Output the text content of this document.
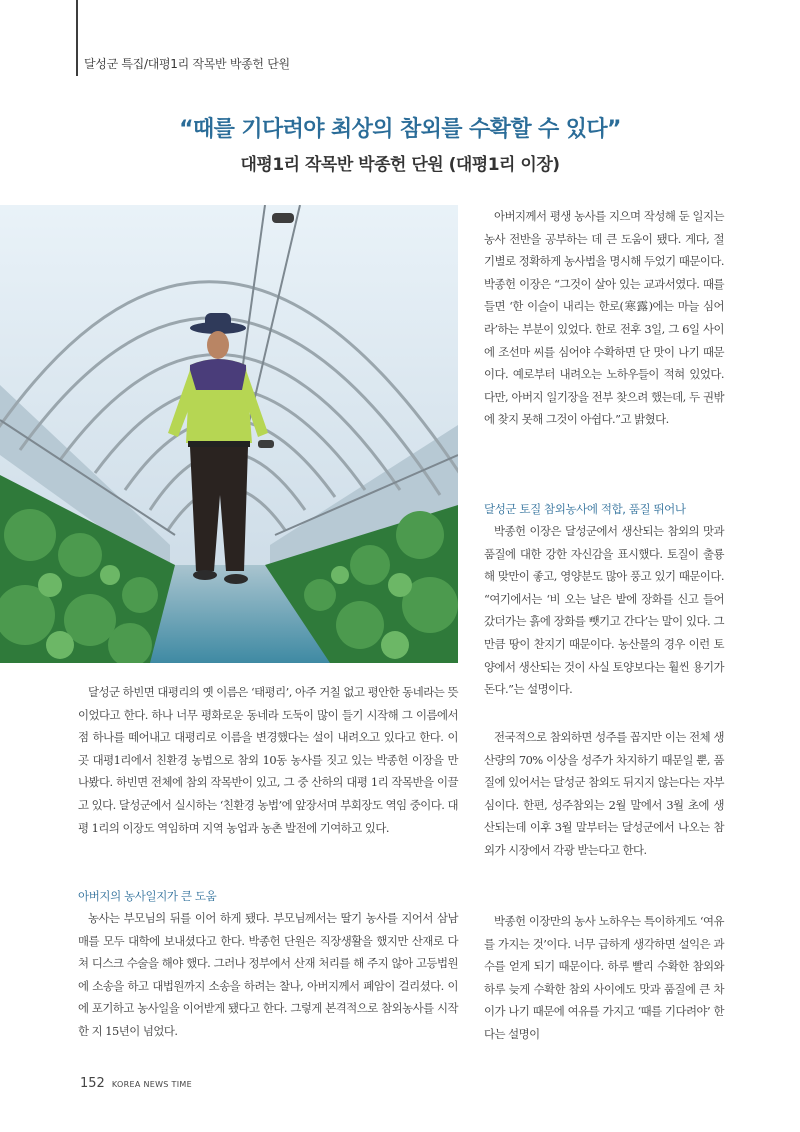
달성군 특집/대평1리 작목반 박종헌 단원
“때를 기다려야 최상의 참외를 수확할 수 있다”
대평1리 작목반 박종헌 단원 (대평1리 이장)

달성군 하빈면 대평리의 옛 이름은 ‘태평리’, 아주 거칠 없고 평안한 동네라는 뜻이었다고 한다. 하나 너무 평화로운 동네라 도둑이 많이 들기 시작해 그 이름에서 점 하나를 떼어내고 대평리로 이름을 변경했다는 설이 내려오고 있다고 한다. 이 곳 대평1리에서 친환경 농법으로 참외 10동 농사를 짓고 있는 박종헌 이장을 만나봤다. 하빈면 전체에 참외 작목반이 있고, 그 중 산하의 대평 1리 작목반을 이끌고 있다. 달성군에서 실시하는 ‘친환경 농법’에 앞장서며 부회장도 역임 중이다. 대평 1리의 이장도 역임하며 지역 농업과 농촌 발전에 기여하고 있다.

아버지의 농사일지가 큰 도움

농사는 부모님의 뒤를 이어 하게 됐다. 부모님께서는 딸기 농사를 지어서 삼남매를 모두 대학에 보내셨다고 한다. 박종헌 단원은 직장생활을 했지만 산재로 다쳐 디스크 수술을 해야 했다. 그러나 정부에서 산재 처리를 해 주지 않아 고등법원에 소송을 하고 대법원까지 소송을 하려는 찰나, 아버지께서 폐암이 걸리셨다. 이에 포기하고 농사일을 이어받게 됐다고 한다. 그렇게 본격적으로 참외농사를 시작한 지 15년이 넘었다.

아버지께서 평생 농사를 지으며 작성해 둔 일지는 농사 전반을 공부하는 데 큰 도움이 됐다. 게다, 절기별로 정확하게 농사법을 명시해 두었기 때문이다. 박종헌 이장은 “그것이 살아 있는 교과서였다. 때를 들면 ‘한 이슬이 내리는 한로(寒露)에는 마늘 심어라’하는 부분이 있었다. 한로 전후 3일, 그 6일 사이에 조선마 씨를 심어야 수확하면 단 맛이 나기 때문이다. 예로부터 내려오는 노하우들이 적혀 있었다. 다만, 아버지 일기장을 전부 찾으려 했는데, 두 권밖에 찾지 못해 그것이 아쉽다.”고 밝혔다.

달성군 토질 참외농사에 적합, 품질 뛰어나

박종헌 이장은 달성군에서 생산되는 참외의 맛과 품질에 대한 강한 자신감을 표시했다. 토질이 출룡해 맞만이 좋고, 영양분도 많아 풍고 있기 때문이다. “여기에서는 ‘비 오는 날은 밭에 장화를 신고 들어갔더가는 흙에 장화를 뺏기고 간다’는 말이 있다. 그만큼 땅이 찬지기 때문이다. 농산물의 경우 이런 토양에서 생산되는 것이 사실 토양보다는 훨씬 용기가 돈다.”는 설명이다.

전국적으로 참외하면 성주를 꼽지만 이는 전체 생산량의 70% 이상을 성주가 차지하기 때문일 뿐, 품질에 있어서는 달성군 참외도 뒤지지 않는다는 자부심이다. 한편, 성주참외는 2월 말에서 3월 초에 생산되는데 이후 3월 말부터는 달성군에서 나오는 참외가 시장에서 각광 받는다고 한다.

박종헌 이장만의 농사 노하우는 특이하게도 ‘여유를 가지는 것’이다. 너무 급하게 생각하면 설익은 과수를 얻게 되기 때문이다. 하루 빨리 수확한 참외와 하루 늦게 수확한 참외 사이에도 맛과 품질에 큰 차이가 나기 때문에 여유를 가지고 ‘때를 기다려야’ 한다는 설명이

152 KOREA NEWS TIME
